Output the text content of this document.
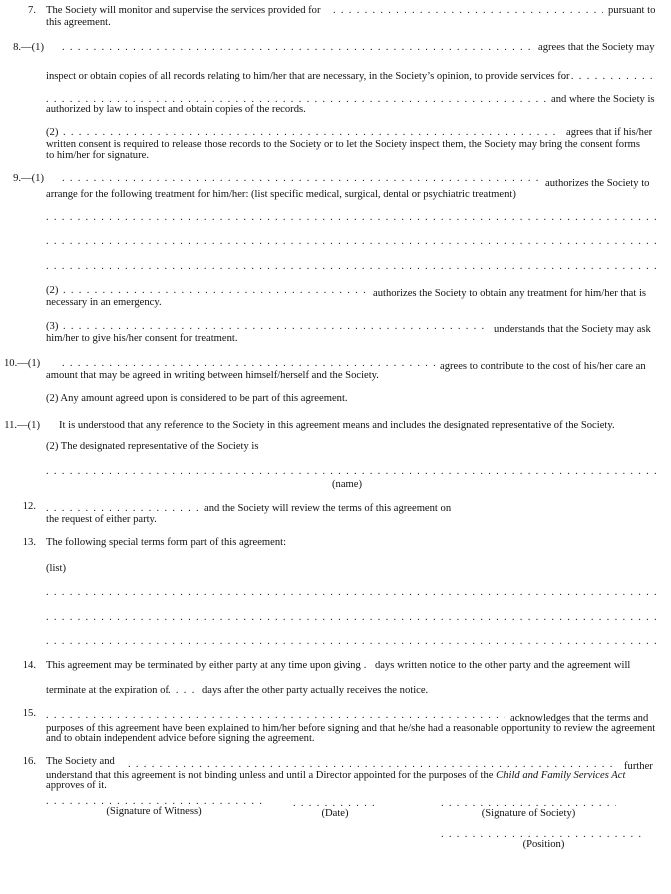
7. The Society will monitor and supervise the services provided for . . .	pursuant to
this agreement.
8.—(1) . . .	agrees that the Society may
inspect or obtain copies of all records relating to him/her that are necessary, in the Society’s opinion, to provide services for
. . .
. . .
and where the Society is
authorized by law to inspect and obtain copies of the records.
(2) . . .	agrees that if his/her
written consent is required to release those records to the Society or to let the Society inspect them, the Society may bring the consent forms
to him/her for signature.
9.—(1) . . .	authorizes the Society to
arrange for the following treatment for him/her: (list specific medical, surgical, dental or psychiatric treatment)
. . .
. . .
. . .
(2) . . .	authorizes the Society to obtain any treatment for him/her that is
necessary in an emergency.
(3) . . .	understands that the Society may ask
him/her to give his/her consent for treatment.
10.—(1) . . .	agrees to contribute to the cost of his/her care an
amount that may be agreed in writing between himself/herself and the Society.
(2) Any amount agreed upon is considered to be part of this agreement.
11.—(1) It is understood that any reference to the Society in this agreement means and includes the designated representative of the Society.
(2) The designated representative of the Society is
. . .
(name)
12. . . .	and the Society will review the terms of this agreement on
the request of either party.
13. The following special terms form part of this agreement:
(list)
. . .
. . .
. . .
14. This agreement may be terminated by either party at any time upon giving . . . days written notice to the other party and the agreement will
terminate at the expiration of . . .	days after the other party actually receives the notice.
15. . . .	acknowledges that the terms and
purposes of this agreement have been explained to him/her before signing and that he/she had a reasonable opportunity to review the agreement
and to obtain independent advice before signing the agreement.
16. The Society and . . .	further
understand that this agreement is not binding unless and until a Director appointed for the purposes of the Child and Family Services Act
approves of it.
. . .
(Signature of Witness)
. . .	(Date)
. . .	(Signature of Society)
. . .
(Position)
